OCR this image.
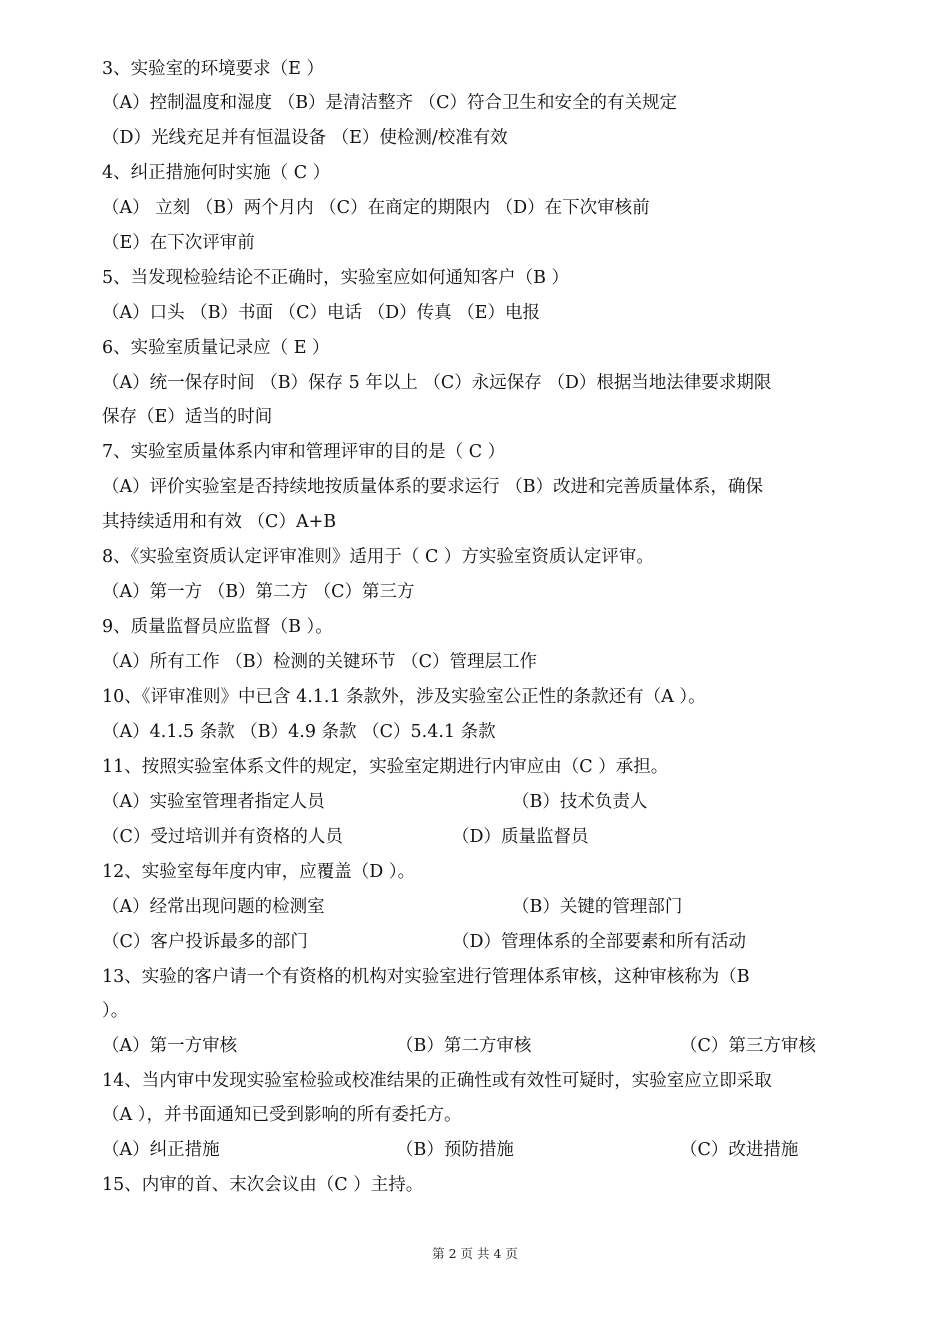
3、实验室的环境要求（E ）
（A）控制温度和湿度 （B）是清洁整齐 （C）符合卫生和安全的有关规定
（D）光线充足并有恒温设备 （E）使检测/校准有效
4、纠正措施何时实施（ C ）
（A） 立刻 （B）两个月内 （C）在商定的期限内 （D）在下次审核前
（E）在下次评审前
5、当发现检验结论不正确时，实验室应如何通知客户（B ）
（A）口头 （B）书面 （C）电话 （D）传真 （E）电报
6、实验室质量记录应（ E ）
（A）统一保存时间 （B）保存 5 年以上 （C）永远保存 （D）根据当地法律要求期限
保存（E）适当的时间
7、实验室质量体系内审和管理评审的目的是（ C ）
（A）评价实验室是否持续地按质量体系的要求运行 （B）改进和完善质量体系，确保
其持续适用和有效 （C）A+B
8、《实验室资质认定评审准则》适用于（ C ）方实验室资质认定评审。
（A）第一方 （B）第二方 （C）第三方
9、质量监督员应监督（B ）。
（A）所有工作 （B）检测的关键环节 （C）管理层工作
10、《评审准则》中已含 4.1.1 条款外，涉及实验室公正性的条款还有（A ）。
（A）4.1.5 条款 （B）4.9 条款 （C）5.4.1 条款
11、按照实验室体系文件的规定，实验室定期进行内审应由（C ）承担。
（A）实验室管理者指定人员	（B）技术负责人
（C）受过培训并有资格的人员	（D）质量监督员
12、实验室每年度内审，应覆盖（D ）。
（A）经常出现问题的检测室	（B）关键的管理部门
（C）客户投诉最多的部门	（D）管理体系的全部要素和所有活动
13、实验的客户请一个有资格的机构对实验室进行管理体系审核，这种审核称为（B
）。
（A）第一方审核	（B）第二方审核	（C）第三方审核
14、当内审中发现实验室检验或校准结果的正确性或有效性可疑时，实验室应立即采取
（A ），并书面通知已受到影响的所有委托方。
（A）纠正措施	（B）预防措施	（C）改进措施
15、内审的首、末次会议由（C ）主持。
第 2 页 共 4 页
